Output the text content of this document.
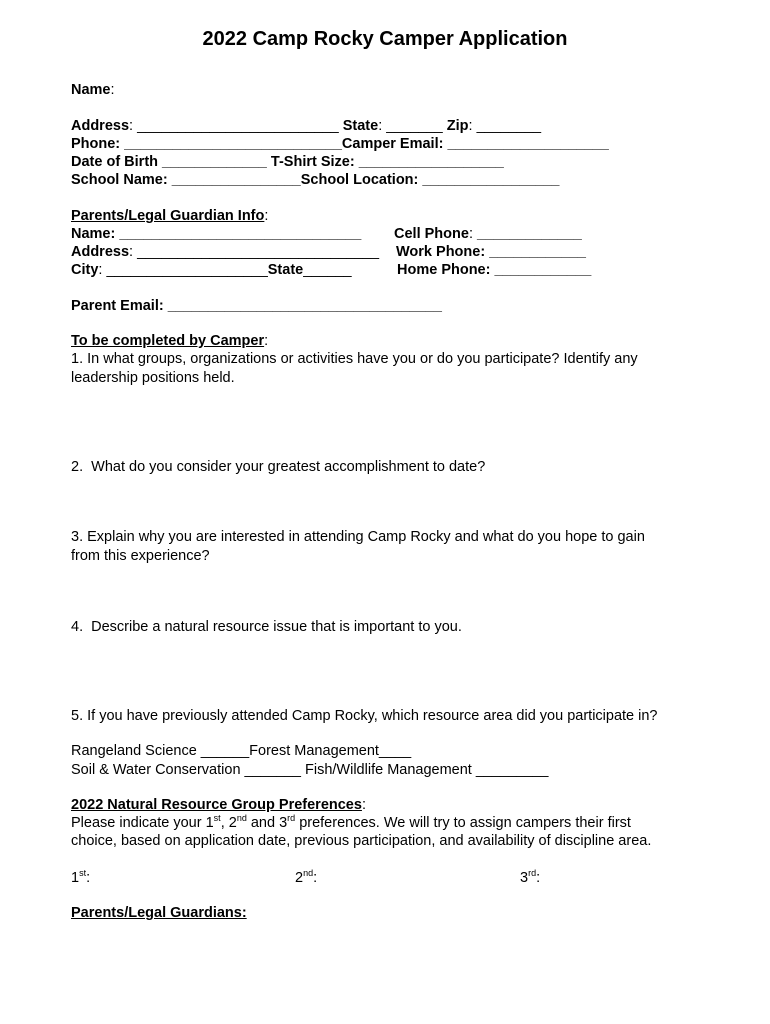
2022 Camp Rocky Camper Application
Name:
Address: _________________________ State: _______ Zip: ________
Phone: ___________________________Camper Email: ____________________
Date of Birth _____________ T-Shirt Size: __________________
School Name: ________________School Location: _________________
Parents/Legal Guardian Info:
Name: ______________________________ Cell Phone: _____________
Address: ______________________________ Work Phone: ____________
City: ____________________State______	Home Phone: ____________
Parent Email: __________________________________
To be completed by Camper:
1. In what groups, organizations or activities have you or do you participate? Identify any
leadership positions held.
2.  What do you consider your greatest accomplishment to date?
3. Explain why you are interested in attending Camp Rocky and what do you hope to gain
from this experience?
4.  Describe a natural resource issue that is important to you.
5. If you have previously attended Camp Rocky, which resource area did you participate in?
Rangeland Science ______Forest Management____
Soil & Water Conservation _______ Fish/Wildlife Management _________
2022 Natural Resource Group Preferences:
Please indicate your 1st, 2nd and 3rd preferences. We will try to assign campers their first
choice, based on application date, previous participation, and availability of discipline area.
1st:	2nd:	3rd:
Parents/Legal Guardians:
